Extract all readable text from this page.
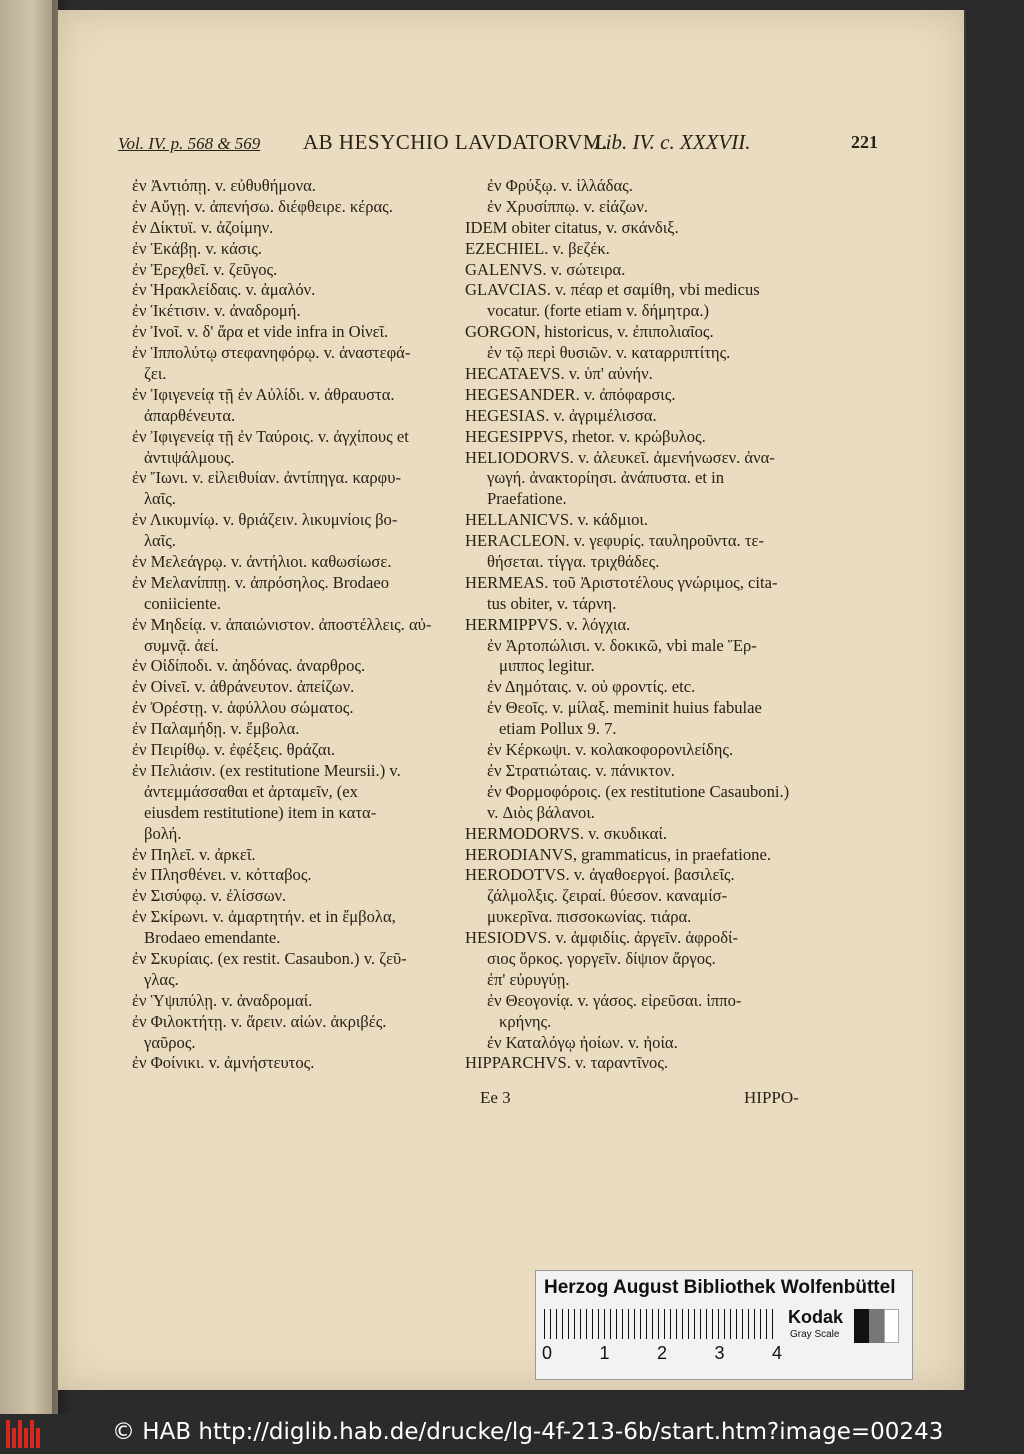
Vol. IV. p. 568 & 569 AB HESYCHIO LAVDATORVM.
Lib. IV. c. XXXVII.	221
ἐν Ἀντιόπῃ. v. εὐθυθήμονα.
ἐν Αὔγῃ. v. ἀπενήσω. διέφθειρε. κέρας.
ἐν Δίκτυϊ. v. ἀζοίμην.
ἐν Ἑκάβῃ. v. κάσις.
ἐν Ἐρεχθεῖ. v. ζεῦγος.
ἐν Ἡρακλείδαις. v. ἀμαλόν.
ἐν Ἱκέτισιν. v. ἀναδρομή.
ἐν Ἰνοῖ. v. δ' ἄρα et vide infra in Οἰνεῖ.
ἐν Ἱππολύτῳ στεφανηφόρῳ. v. ἀναστεφά-
ζει.
ἐν Ἰφιγενείᾳ τῇ ἐν Αὐλίδι. v. ἀθραυστα.
ἀπαρθένευτα.
ἐν Ἰφιγενείᾳ τῇ ἐν Ταύροις. v. ἀγχίπους et
ἀντιψάλμους.
ἐν Ἴωνι. v. εἰλειθυίαν. ἀντίπηγα. καρφυ-
λαῖς.
ἐν Λικυμνίῳ. v. θριάζειν. λικυμνίοις βο-
λαῖς.
ἐν Μελεάγρῳ. v. ἀντήλιοι. καθωσίωσε.
ἐν Μελανίππῃ. v. ἀπρόσηλος. Brodaeo
coniiciente.
ἐν Μηδείᾳ. v. ἀπαιώνιστον. ἀποστέλλεις. αὐ-
συμνᾷ. ἀεί.
ἐν Οἰδίποδι. v. ἀηδόνας. ἀναρθρος.
ἐν Οἰνεῖ. v. ἀθράνευτον. ἀπείζων.
ἐν Ὀρέστῃ. v. ἀφύλλου σώματος.
ἐν Παλαμήδῃ. v. ἔμβολα.
ἐν Πειρίθῳ. v. ἐφέξεις. θράζαι.
ἐν Πελιάσιν. (ex restitutione Meursii.) v.
ἀντεμμάσσαθαι et ἀρταμεῖν, (ex
eiusdem restitutione) item in κατα-
βολή.
ἐν Πηλεῖ. v. ἀρκεῖ.
ἐν Πλησθένει. v. κότταβος.
ἐν Σισύφῳ. v. ἐλίσσων.
ἐν Σκίρωνι. v. ἀμαρτητήν. et in ἔμβολα,
Brodaeo emendante.
ἐν Σκυρίαις. (ex restit. Casaubon.) v. ζεῦ-
γλας.
ἐν Ὑψιπύλῃ. v. ἀναδρομαί.
ἐν Φιλοκτήτῃ. v. ἄρειν. αἰών. ἀκριβές.
γαῦρος.
ἐν Φοίνικι. v. ἀμνήστευτος.
ἐν Φρύξῳ. v. ἰλλάδας.
ἐν Χρυσίππῳ. v. εἰάζων.
IDEM obiter citatus, v. σκάνδιξ.
EZECHIEL. v. βεζέκ.
GALENVS. v. σώτειρα.
GLAVCIAS. v. πέαρ et σαμίθη, vbi medicus
vocatur. (forte etiam v. δήμητρα.)
GORGON, historicus, v. ἐπιπολιαῖος.
ἐν τῷ περὶ θυσιῶν. v. καταρριπτίτης.
HECATAEVS. v. ὑπ' αὐνήν.
HEGESANDER. v. ἀπόφαρσις.
HEGESIAS. v. ἀγριμέλισσα.
HEGESIPPVS, rhetor. v. κρώβυλος.
HELIODORVS. v. ἀλευκεῖ. ἀμενήνωσεν. ἀνα-
γωγή. ἀνακτορίησι. ἀνάπυστα. et in
Praefatione.
HELLANICVS. v. κάδμιοι.
HERACLEON. v. γεφυρίς. ταυληροῦντα. τε-
θήσεται. τίγγα. τριχθάδες.
HERMEAS. τοῦ Ἀριστοτέλους γνώριμος, cita-
tus obiter, v. τάρνη.
HERMIPPVS. v. λόγχια.
ἐν Ἀρτοπώλισι. v. δοκικῶ, vbi male Ἕρ-
μιππος legitur.
ἐν Δημόταις. v. οὐ φροντίς. etc.
ἐν Θεοῖς. v. μίλαξ. meminit huius fabulae
etiam Pollux 9. 7.
ἐν Κέρκωψι. v. κολακοφορονιλείδης.
ἐν Στρατιώταις. v. πάνικτον.
ἐν Φορμοφόροις. (ex restitutione Casauboni.)
v. Διὸς βάλανοι.
HERMODORVS. v. σκυδικαί.
HERODIANVS, grammaticus, in praefatione.
HERODOTVS. v. ἀγαθοεργοί. βασιλεῖς.
ζάλμολξις. ζειραί. θύεσον. καναμίσ-
μυκερῖνα. πισσοκωνίας. τιάρα.
HESIODVS. v. ἀμφιδίις. ἀργεῖν. ἀφροδί-
σιος ὅρκος. γοργεῖν. δίψιον ἄργος.
ἐπ' εὐρυγύῃ.
ἐν Θεογονίᾳ. v. γάσος. εἰρεῦσαι. ἱππο-
κρήνης.
ἐν Καταλόγῳ ἠοίων. v. ἠοία.
HIPPARCHVS. v. ταραντῖνος.
Ee 3	HIPPO-
Herzog August Bibliothek Wolfenbüttel
0	1	2	3	4
Kodak
Gray Scale
© HAB http://diglib.hab.de/drucke/lg-4f-213-6b/start.htm?image=00243
